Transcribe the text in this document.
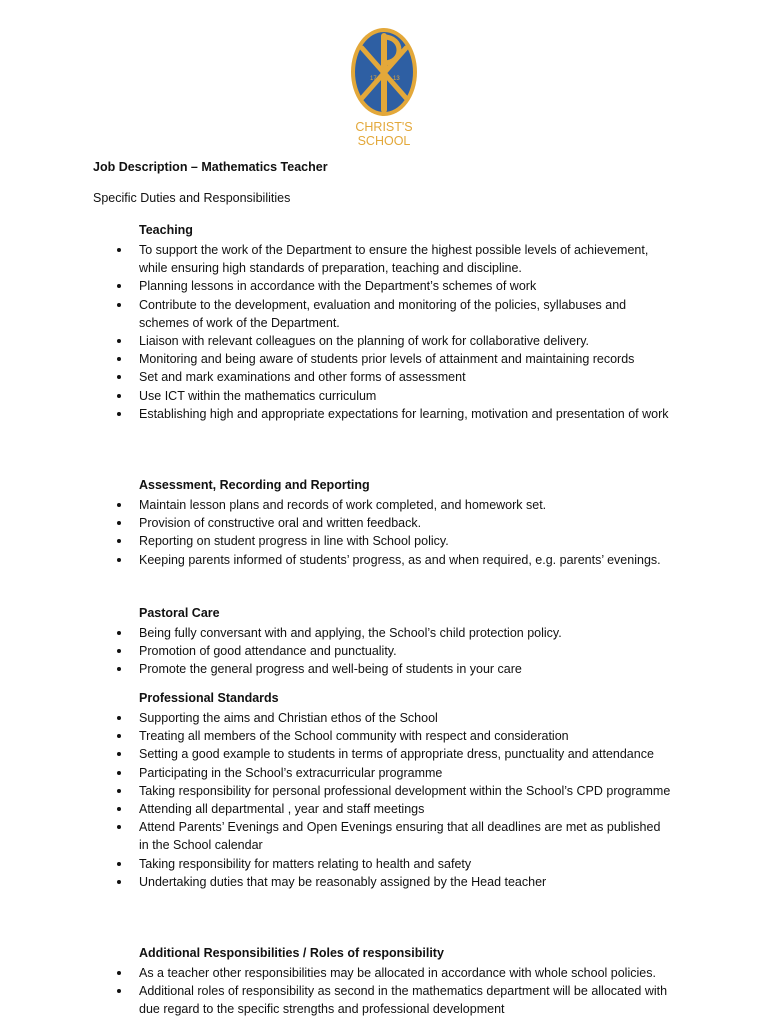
17	13
CHRIST'S
SCHOOL
Job Description – Mathematics Teacher
Specific Duties and Responsibilities
Teaching
To support the work of the Department to ensure the highest possible levels of achievement, while ensuring high standards of preparation, teaching and discipline.
Planning lessons in accordance with the Department’s schemes of work
Contribute to the development, evaluation and monitoring of the policies, syllabuses and schemes of work of the Department.
Liaison with relevant colleagues on the planning of work for collaborative delivery.
Monitoring and being aware of students prior levels of attainment and maintaining records
Set and mark examinations and other forms of assessment
Use ICT within the mathematics curriculum
Establishing high and appropriate expectations for learning, motivation and presentation of work
Assessment, Recording and Reporting
Maintain lesson plans and records of work completed, and homework set.
Provision of constructive oral and written feedback.
Reporting on student progress in line with School policy.
Keeping parents informed of students’ progress, as and when required, e.g. parents’ evenings.
Pastoral Care
Being fully conversant with and applying, the School’s child protection policy.
Promotion of good attendance and punctuality.
Promote the general progress and well-being of students in your care
Professional Standards
Supporting the aims and Christian ethos of the School
Treating all members of the School community with respect and consideration
Setting a good example to students in terms of appropriate dress, punctuality and attendance
Participating in the School’s extracurricular programme
Taking responsibility for personal professional development within the School’s CPD programme
Attending all departmental , year and staff meetings
Attend Parents’ Evenings and Open Evenings ensuring that all deadlines are met as published in the School calendar
Taking responsibility for matters relating to health and safety
Undertaking duties that may be reasonably assigned by the Head teacher
Additional Responsibilities / Roles of responsibility
As a teacher other responsibilities may be allocated in accordance with whole school policies.
Additional roles of responsibility as second in the mathematics department will be allocated with due regard to the specific strengths and professional development
